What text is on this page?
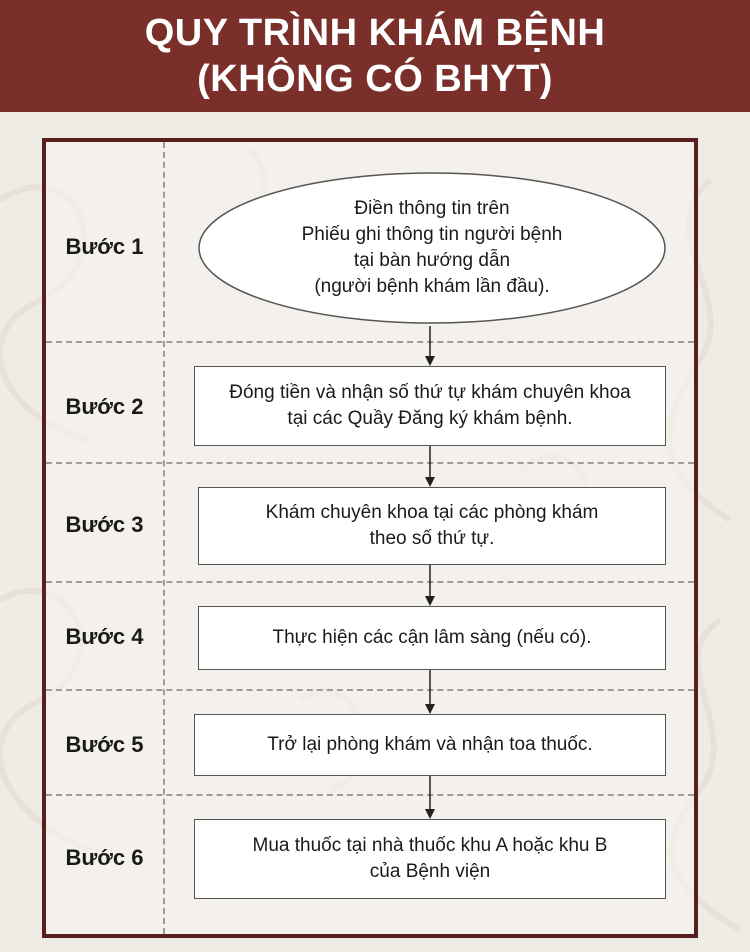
QUY TRÌNH KHÁM BỆNH
(KHÔNG CÓ BHYT)
Bước 1
Bước 2
Bước 3
Bước 4
Bước 5
Bước 6
Điền thông tin trên
Phiếu ghi thông tin người bệnh
tại bàn hướng dẫn
(người bệnh khám lần đầu).
Đóng tiền và nhận số thứ tự khám chuyên khoa
tại các Quầy Đăng ký khám bệnh.
Khám chuyên khoa tại các phòng khám
theo số thứ tự.
Thực hiện các cận lâm sàng (nếu có).
Trở lại phòng khám và nhận toa thuốc.
Mua thuốc tại nhà thuốc khu A hoặc khu B
của Bệnh viện
